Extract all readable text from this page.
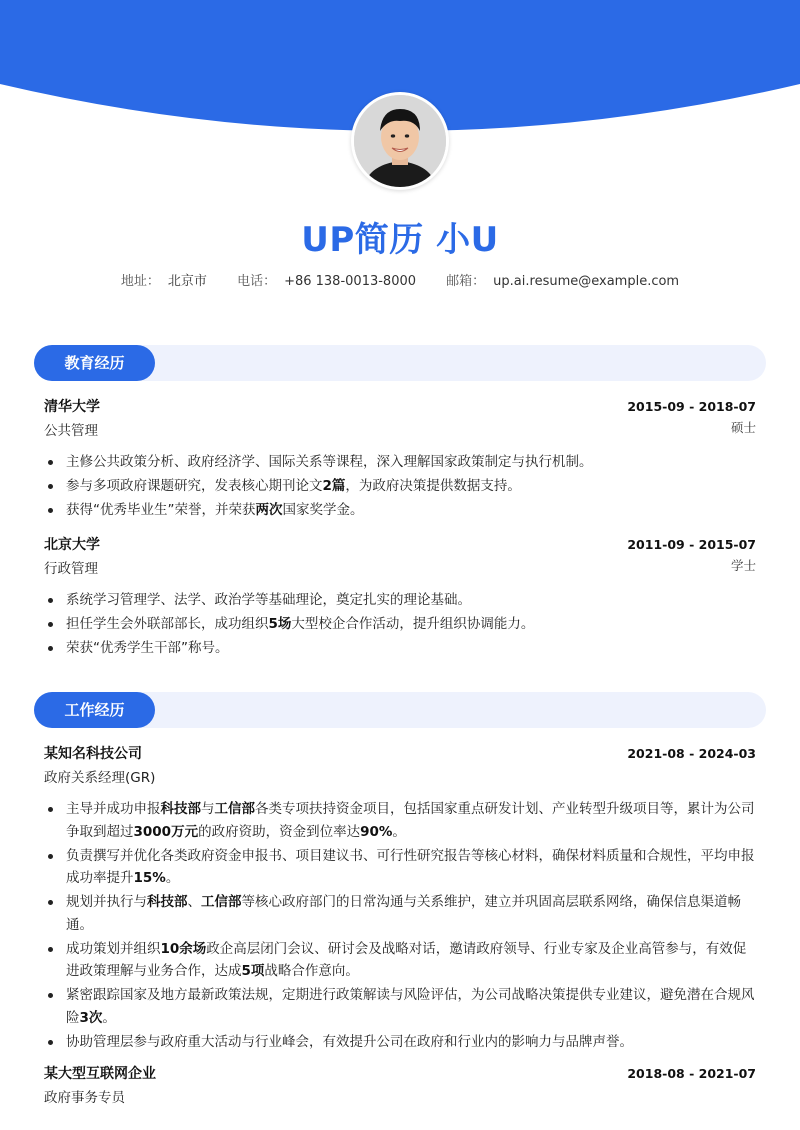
UP简历 小U
地址： 北京市 电话： +86 138-0013-8000 邮箱： up.ai.resume@example.com
教育经历
清华大学	2015-09 - 2018-07
公共管理	硕士
主修公共政策分析、政府经济学、国际关系等课程，深入理解国家政策制定与执行机制。
参与多项政府课题研究，发表核心期刊论文2篇，为政府决策提供数据支持。
获得“优秀毕业生”荣誉，并荣获两次国家奖学金。
北京大学	2011-09 - 2015-07
行政管理	学士
系统学习管理学、法学、政治学等基础理论，奠定扎实的理论基础。
担任学生会外联部部长，成功组织5场大型校企合作活动，提升组织协调能力。
荣获“优秀学生干部”称号。
工作经历
某知名科技公司	2021-08 - 2024-03
政府关系经理(GR)
主导并成功申报科技部与工信部各类专项扶持资金项目，包括国家重点研发计划、产业转型升级项目等，累计为公司争取到超过3000万元的政府资助，资金到位率达90%。
负责撰写并优化各类政府资金申报书、项目建议书、可行性研究报告等核心材料，确保材料质量和合规性，平均申报成功率提升15%。
规划并执行与科技部、工信部等核心政府部门的日常沟通与关系维护，建立并巩固高层联系网络，确保信息渠道畅通。
成功策划并组织10余场政企高层闭门会议、研讨会及战略对话，邀请政府领导、行业专家及企业高管参与，有效促进政策理解与业务合作，达成5项战略合作意向。
紧密跟踪国家及地方最新政策法规，定期进行政策解读与风险评估，为公司战略决策提供专业建议，避免潜在合规风险3次。
协助管理层参与政府重大活动与行业峰会，有效提升公司在政府和行业内的影响力与品牌声誉。
某大型互联网企业	2018-08 - 2021-07
政府事务专员
